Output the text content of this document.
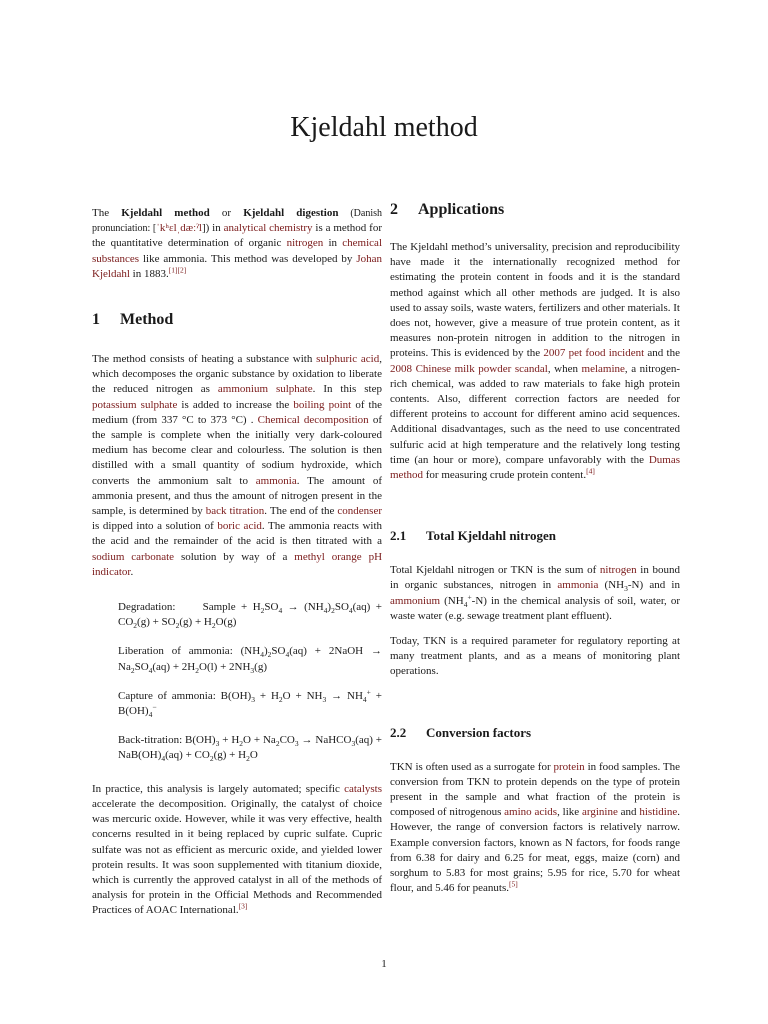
Kjeldahl method

The Kjeldahl method or Kjeldahl digestion (Danish pronunciation: [ˈkʰɛlˌdæːˀl]) in analytical chemistry is a method for the quantitative determination of organic nitrogen in chemical substances like ammonia. This method was developed by Johan Kjeldahl in 1883.[1][2]

1 Method

The method consists of heating a substance with sulphuric acid, which decomposes the organic substance by oxidation to liberate the reduced nitrogen as ammonium sulphate. In this step potassium sulphate is added to increase the boiling point of the medium (from 337 °C to 373 °C) . Chemical decomposition of the sample is complete when the initially very dark-coloured medium has become clear and colourless. The solution is then distilled with a small quantity of sodium hydroxide, which converts the ammonium salt to ammonia. The amount of ammonia present, and thus the amount of nitrogen present in the sample, is determined by back titration. The end of the condenser is dipped into a solution of boric acid. The ammonia reacts with the acid and the remainder of the acid is then titrated with a sodium carbonate solution by way of a methyl orange pH indicator.

Degradation:     Sample + $H_2SO_4 \to (NH_4)_2SO_4(aq) + CO_2(g) + SO_2(g) + H_2O(g)$

Liberation of ammonia: $(NH_4)_2SO_4(aq)$ + 2NaOH → $Na_2SO_4(aq) + 2H_2O(l) + 2NH_3(g)$

Capture of ammonia: $B(OH)_3 + H_2O + NH_3 \to NH_4^+ + B(OH)_4^-$

Back-titration: $B(OH)_3 + H_2O + Na_2CO_3$ → NaHCO$_3$(aq) + $NaB(OH)_4(aq) + CO_2(g) + H_2O$

In practice, this analysis is largely automated; specific catalysts accelerate the decomposition. Originally, the catalyst of choice was mercuric oxide. However, while it was very effective, health concerns resulted in it being replaced by cupric sulfate. Cupric sulfate was not as efficient as mercuric oxide, and yielded lower protein results. It was soon supplemented with titanium dioxide, which is currently the approved catalyst in all of the methods of analysis for protein in the Official Methods and Recommended Practices of AOAC International.[3]

2 Applications

The Kjeldahl method’s universality, precision and reproducibility have made it the internationally recognized method for estimating the protein content in foods and it is the standard method against which all other methods are judged. It is also used to assay soils, waste waters, fertilizers and other materials. It does not, however, give a measure of true protein content, as it measures non-protein nitrogen in addition to the nitrogen in proteins. This is evidenced by the 2007 pet food incident and the 2008 Chinese milk powder scandal, when melamine, a nitrogen-rich chemical, was added to raw materials to fake high protein contents. Also, different correction factors are needed for different proteins to account for different amino acid sequences. Additional disadvantages, such as the need to use concentrated sulfuric acid at high temperature and the relatively long testing time (an hour or more), compare unfavorably with the Dumas method for measuring crude protein content.[4]

2.1 Total Kjeldahl nitrogen

Total Kjeldahl nitrogen or TKN is the sum of nitrogen in bound in organic substances, nitrogen in ammonia $(NH_3-N)$ and in ammonium $(NH_4^+-N)$ in the chemical analysis of soil, water, or waste water (e.g. sewage treatment plant effluent).

Today, TKN is a required parameter for regulatory reporting at many treatment plants, and as a means of monitoring plant operations.

2.2 Conversion factors

TKN is often used as a surrogate for protein in food samples. The conversion from TKN to protein depends on the type of protein present in the sample and what fraction of the protein is composed of nitrogenous amino acids, like arginine and histidine. However, the range of conversion factors is relatively narrow. Example conversion factors, known as N factors, for foods range from 6.38 for dairy and 6.25 for meat, eggs, maize (corn) and sorghum to 5.83 for most grains; 5.95 for rice, 5.70 for wheat flour, and 5.46 for peanuts.[5]

1
